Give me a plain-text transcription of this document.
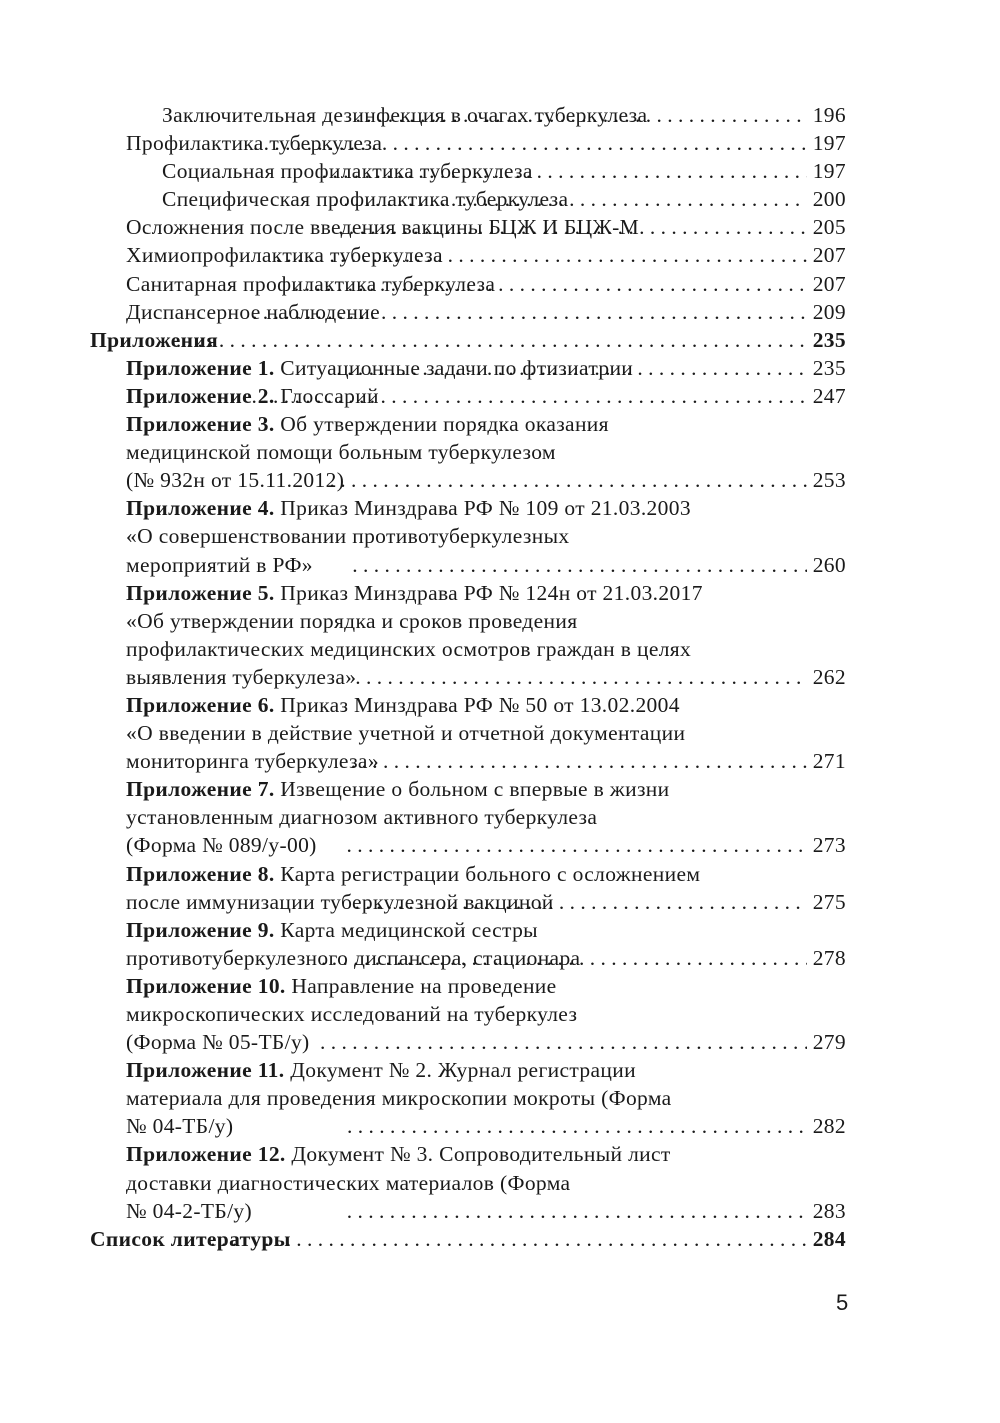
Заключительная дезинфекция в очагах туберкулеза . . .	196
Профилактика туберкулеза . . .	197
Социальная профилактика туберкулеза . . .	197
Специфическая профилактика туберкулеза . . .	200
Осложнения после введения вакцины БЦЖ И БЦЖ-М . . .	205
Химиопрофилактика туберкулеза . . .	207
Санитарная профилактика туберкулеза . . .	207
Диспансерное наблюдение . . .	209
Приложения . . .	235
Приложение 1. Ситуационные задачи по фтизиатрии . . .	235
Приложение 2. Глоссарий . . .	247
Приложение 3. Об утверждении порядка оказания
медицинской помощи больным туберкулезом
(№ 932н от 15.11.2012) . . .	253
Приложение 4. Приказ Минздрава РФ № 109 от 21.03.2003
«О совершенствовании противотуберкулезных
мероприятий в РФ» . . .	260
Приложение 5. Приказ Минздрава РФ № 124н от 21.03.2017
«Об утверждении порядка и сроков проведения
профилактических медицинских осмотров граждан в целях
выявления туберкулеза» . . .	262
Приложение 6. Приказ Минздрава РФ № 50 от 13.02.2004
«О введении в действие учетной и отчетной документации
мониторинга туберкулеза» . . .	271
Приложение 7. Извещение о больном с впервые в жизни
установленным диагнозом активного туберкулеза
(Форма № 089/у-00) . . .	273
Приложение 8. Карта регистрации больного с осложнением
после иммунизации туберкулезной вакциной . . .	275
Приложение 9. Карта медицинской сестры
противотуберкулезного диспансера, стационара . . .	278
Приложение 10. Направление на проведение
микроскопических исследований на туберкулез
(Форма № 05-ТБ/у) . . .	279
Приложение 11. Документ № 2. Журнал регистрации
материала для проведения микроскопии мокроты (Форма
№ 04-ТБ/у) . . .	282
Приложение 12. Документ № 3. Сопроводительный лист
доставки диагностических материалов (Форма
№ 04-2-ТБ/у) . . .	283
Список литературы . . .	284
5
